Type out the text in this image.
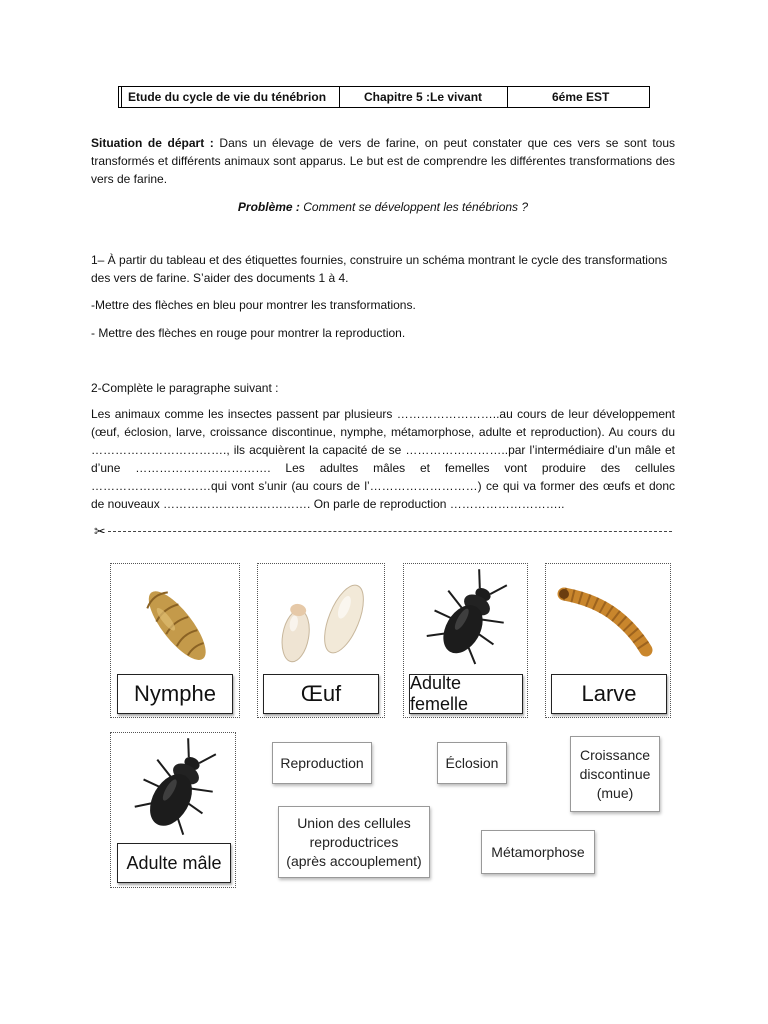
Etude du cycle de vie du ténébrion	Chapitre 5 :Le vivant	6éme EST
Situation de départ : Dans un élevage de vers de farine, on peut constater que ces vers se sont tous transformés et différents animaux sont apparus. Le but est de comprendre les différentes transformations des vers de farine.
Problème : Comment se développent les ténébrions ?
1– À partir du tableau et des étiquettes fournies, construire un schéma montrant le cycle des transformations des vers de farine. S’aider des documents 1 à 4.
-Mettre des flèches en bleu pour montrer les transformations.
- Mettre des flèches en rouge pour montrer la reproduction.
2-Complète le paragraphe suivant :
Les animaux comme les insectes passent par plusieurs ……………………..au cours de leur développement (œuf, éclosion, larve, croissance discontinue, nymphe, métamorphose, adulte et reproduction). Au cours du ……………………………., ils acquièrent la capacité de se ……………………..par l’intermédiaire d’un mâle et d’une ……………………………. Les adultes mâles et femelles vont produire des cellules …………………………qui vont s’unir (au cours de l’………………………) ce qui va former des œufs et donc de nouveaux ………………………………. On parle de reproduction ………………………..
✂
Nymphe	Œuf	Adulte femelle	Larve
Adulte mâle
Reproduction	Éclosion	Croissance
discontinue
(mue)
Union des cellules
reproductrices
(après accouplement)
Métamorphose
